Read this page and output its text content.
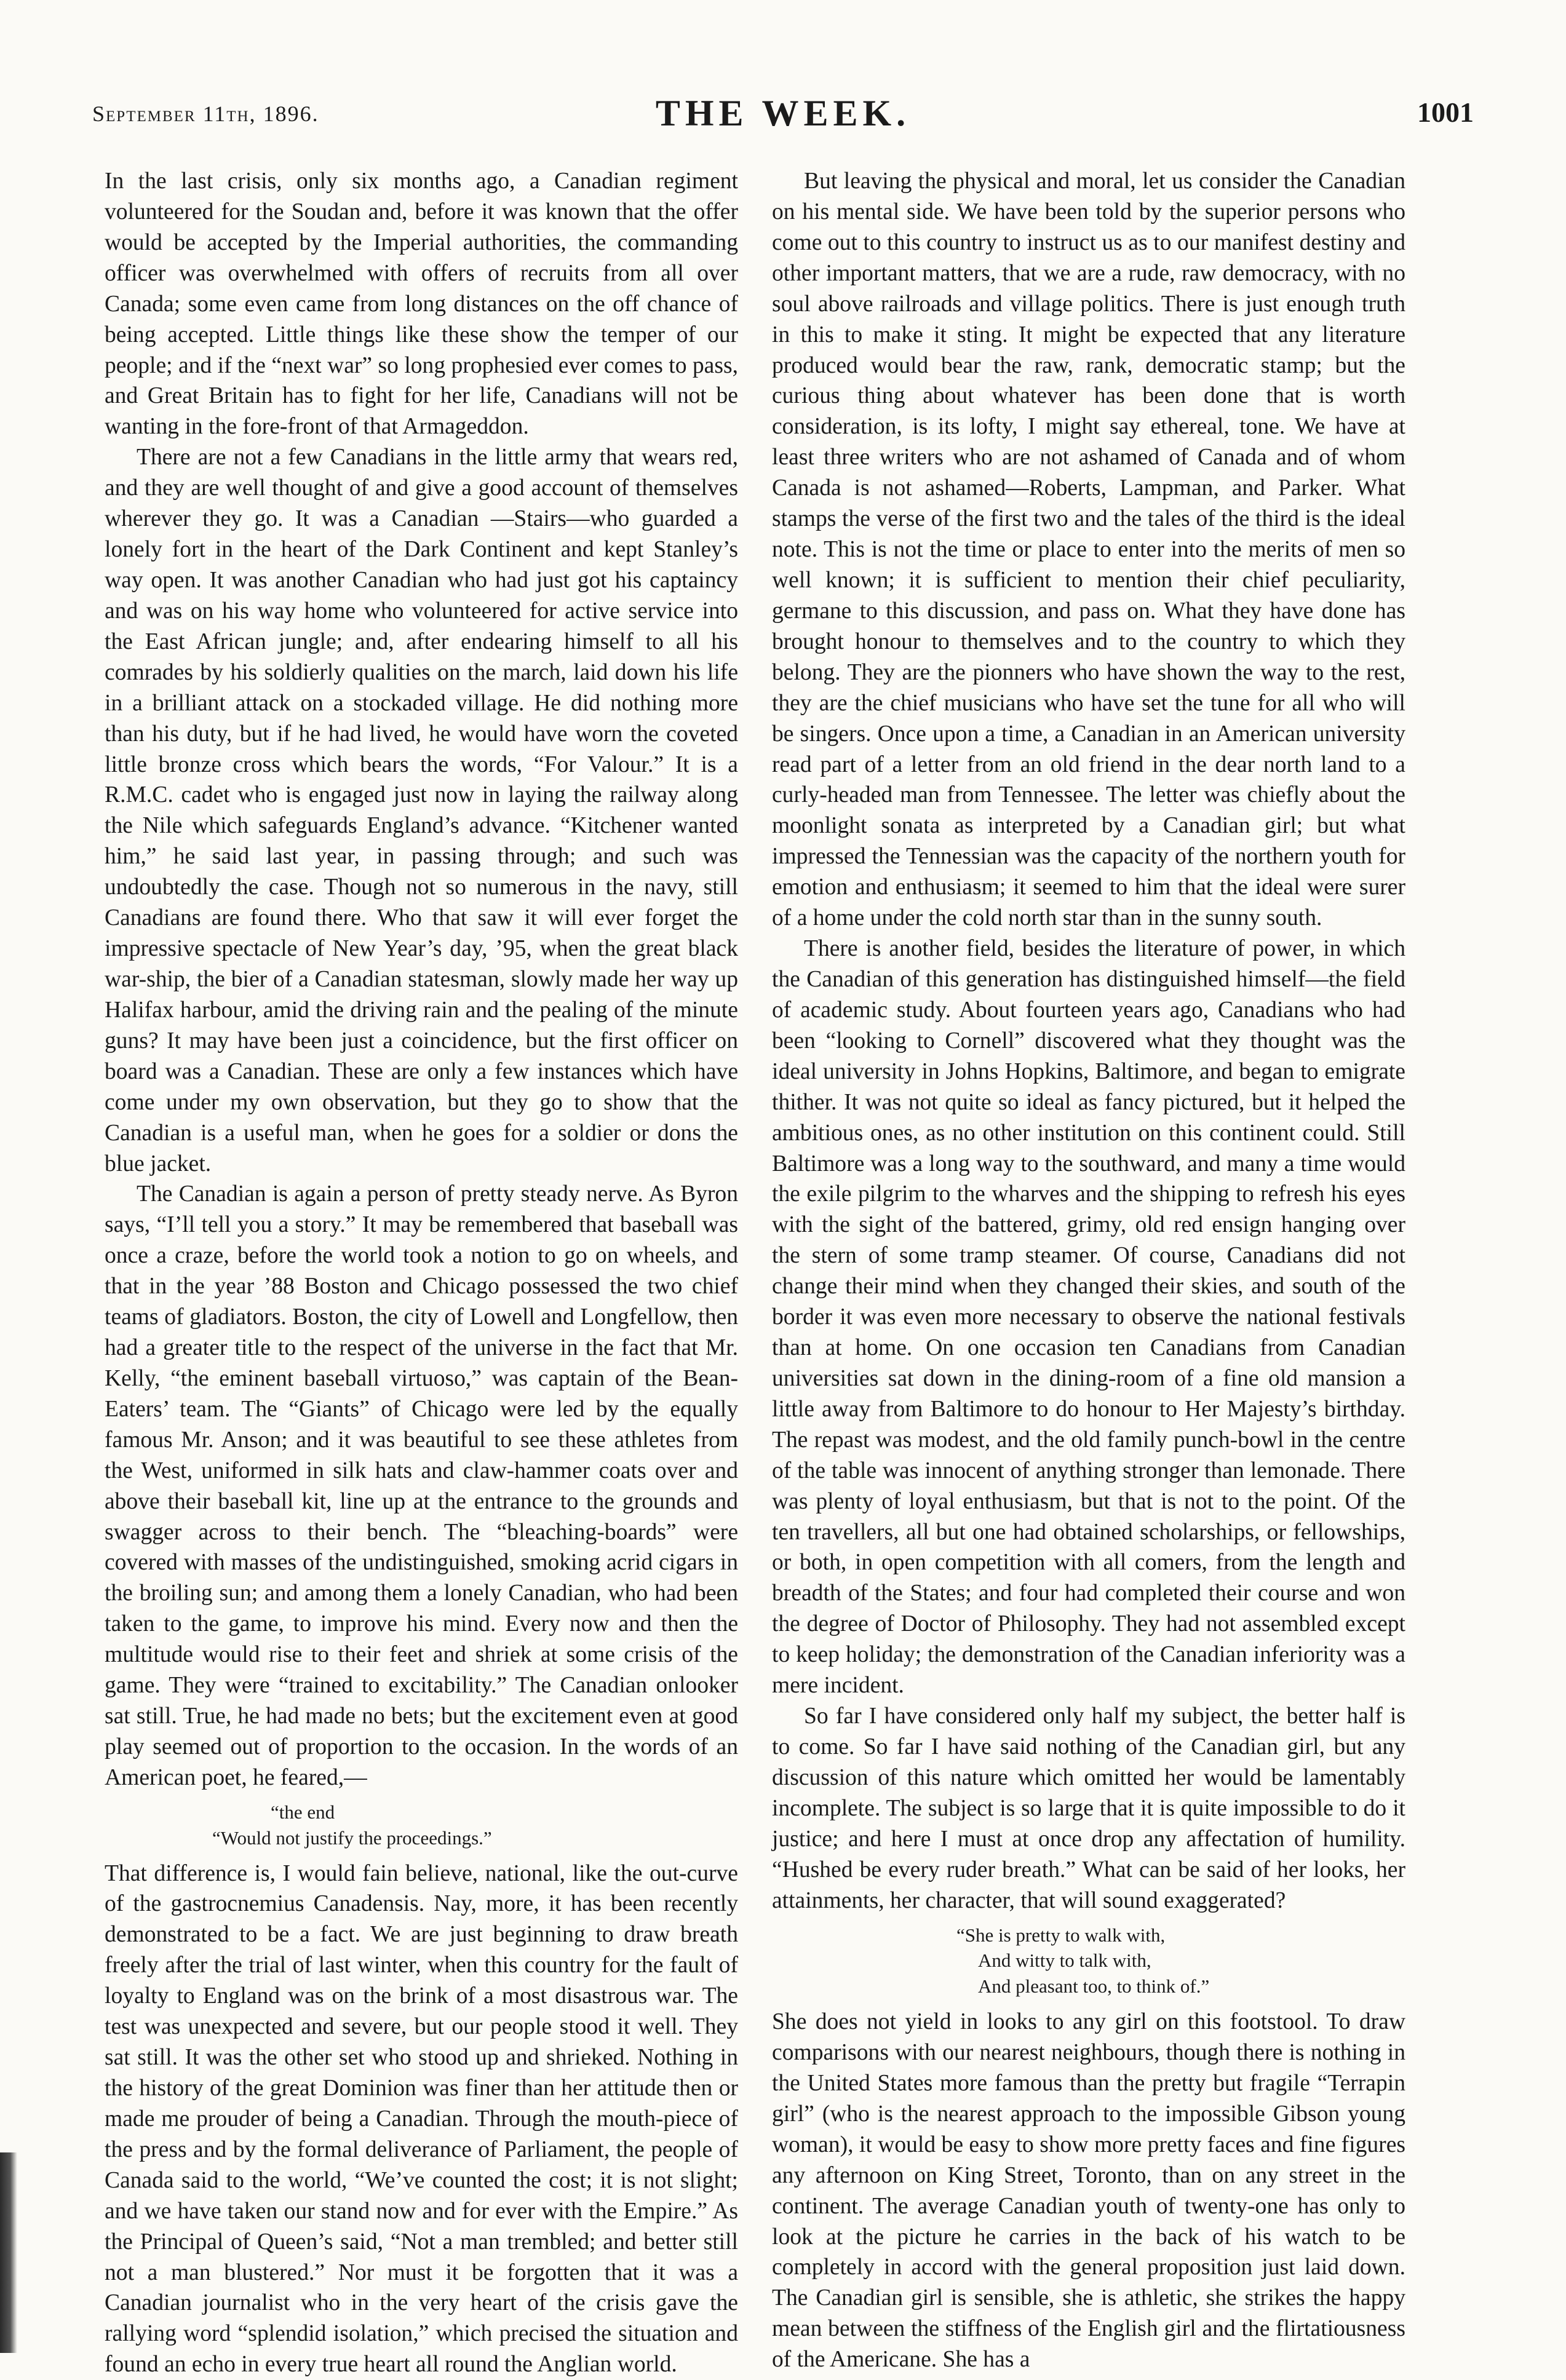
September 11th, 1896.	THE WEEK.	1001

In the last crisis, only six months ago, a Canadian regiment volunteered for the Soudan and, before it was known that the offer would be accepted by the Imperial authorities, the commanding officer was overwhelmed with offers of recruits from all over Canada; some even came from long distances on the off chance of being accepted. Little things like these show the temper of our people; and if the “next war” so long prophesied ever comes to pass, and Great Britain has to fight for her life, Canadians will not be wanting in the fore-front of that Armageddon.

There are not a few Canadians in the little army that wears red, and they are well thought of and give a good account of themselves wherever they go. It was a Canadian —Stairs—who guarded a lonely fort in the heart of the Dark Continent and kept Stanley’s way open. It was another Canadian who had just got his captaincy and was on his way home who volunteered for active service into the East African jungle; and, after endearing himself to all his comrades by his soldierly qualities on the march, laid down his life in a brilliant attack on a stockaded village. He did nothing more than his duty, but if he had lived, he would have worn the coveted little bronze cross which bears the words, “For Valour.” It is a R.M.C. cadet who is engaged just now in laying the railway along the Nile which safeguards England’s advance. “Kitchener wanted him,” he said last year, in passing through; and such was undoubtedly the case. Though not so numerous in the navy, still Canadians are found there. Who that saw it will ever forget the impressive spectacle of New Year’s day, ’95, when the great black war-ship, the bier of a Canadian statesman, slowly made her way up Halifax harbour, amid the driving rain and the pealing of the minute guns? It may have been just a coincidence, but the first officer on board was a Canadian. These are only a few instances which have come under my own observation, but they go to show that the Canadian is a useful man, when he goes for a soldier or dons the blue jacket.

The Canadian is again a person of pretty steady nerve. As Byron says, “I’ll tell you a story.” It may be remembered that baseball was once a craze, before the world took a notion to go on wheels, and that in the year ’88 Boston and Chicago possessed the two chief teams of gladiators. Boston, the city of Lowell and Longfellow, then had a greater title to the respect of the universe in the fact that Mr. Kelly, “the eminent baseball virtuoso,” was captain of the Bean-Eaters’ team. The “Giants” of Chicago were led by the equally famous Mr. Anson; and it was beautiful to see these athletes from the West, uniformed in silk hats and claw-hammer coats over and above their baseball kit, line up at the entrance to the grounds and swagger across to their bench. The “bleaching-boards” were covered with masses of the undistinguished, smoking acrid cigars in the broiling sun; and among them a lonely Canadian, who had been taken to the game, to improve his mind. Every now and then the multitude would rise to their feet and shriek at some crisis of the game. They were “trained to excitability.” The Canadian onlooker sat still. True, he had made no bets; but the excitement even at good play seemed out of proportion to the occasion. In the words of an American poet, he feared,—

“the end
“Would not justify the proceedings.”

That difference is, I would fain believe, national, like the out-curve of the gastrocnemius Canadensis. Nay, more, it has been recently demonstrated to be a fact. We are just beginning to draw breath freely after the trial of last winter, when this country for the fault of loyalty to England was on the brink of a most disastrous war. The test was unexpected and severe, but our people stood it well. They sat still. It was the other set who stood up and shrieked. Nothing in the history of the great Dominion was finer than her attitude then or made me prouder of being a Canadian. Through the mouth-piece of the press and by the formal deliverance of Parliament, the people of Canada said to the world, “We’ve counted the cost; it is not slight; and we have taken our stand now and for ever with the Empire.” As the Principal of Queen’s said, “Not a man trembled; and better still not a man blustered.” Nor must it be forgotten that it was a Canadian journalist who in the very heart of the crisis gave the rallying word “splendid isolation,” which precised the situation and found an echo in every true heart all round the Anglian world.

But leaving the physical and moral, let us consider the Canadian on his mental side. We have been told by the superior persons who come out to this country to instruct us as to our manifest destiny and other important matters, that we are a rude, raw democracy, with no soul above railroads and village politics. There is just enough truth in this to make it sting. It might be expected that any literature produced would bear the raw, rank, democratic stamp; but the curious thing about whatever has been done that is worth consideration, is its lofty, I might say ethereal, tone. We have at least three writers who are not ashamed of Canada and of whom Canada is not ashamed—Roberts, Lampman, and Parker. What stamps the verse of the first two and the tales of the third is the ideal note. This is not the time or place to enter into the merits of men so well known; it is sufficient to mention their chief peculiarity, germane to this discussion, and pass on. What they have done has brought honour to themselves and to the country to which they belong. They are the pionners who have shown the way to the rest, they are the chief musicians who have set the tune for all who will be singers. Once upon a time, a Canadian in an American university read part of a letter from an old friend in the dear north land to a curly-headed man from Tennessee. The letter was chiefly about the moonlight sonata as interpreted by a Canadian girl; but what impressed the Tennessian was the capacity of the northern youth for emotion and enthusiasm; it seemed to him that the ideal were surer of a home under the cold north star than in the sunny south.

There is another field, besides the literature of power, in which the Canadian of this generation has distinguished himself—the field of academic study. About fourteen years ago, Canadians who had been “looking to Cornell” discovered what they thought was the ideal university in Johns Hopkins, Baltimore, and began to emigrate thither. It was not quite so ideal as fancy pictured, but it helped the ambitious ones, as no other institution on this continent could. Still Baltimore was a long way to the southward, and many a time would the exile pilgrim to the wharves and the shipping to refresh his eyes with the sight of the battered, grimy, old red ensign hanging over the stern of some tramp steamer. Of course, Canadians did not change their mind when they changed their skies, and south of the border it was even more necessary to observe the national festivals than at home. On one occasion ten Canadians from Canadian universities sat down in the dining-room of a fine old mansion a little away from Baltimore to do honour to Her Majesty’s birthday. The repast was modest, and the old family punch-bowl in the centre of the table was innocent of anything stronger than lemonade. There was plenty of loyal enthusiasm, but that is not to the point. Of the ten travellers, all but one had obtained scholarships, or fellowships, or both, in open competition with all comers, from the length and breadth of the States; and four had completed their course and won the degree of Doctor of Philosophy. They had not assembled except to keep holiday; the demonstration of the Canadian inferiority was a mere incident.

So far I have considered only half my subject, the better half is to come. So far I have said nothing of the Canadian girl, but any discussion of this nature which omitted her would be lamentably incomplete. The subject is so large that it is quite impossible to do it justice; and here I must at once drop any affectation of humility. “Hushed be every ruder breath.” What can be said of her looks, her attainments, her character, that will sound exaggerated?

“She is pretty to walk with,
And witty to talk with,
And pleasant too, to think of.”

She does not yield in looks to any girl on this footstool. To draw comparisons with our nearest neighbours, though there is nothing in the United States more famous than the pretty but fragile “Terrapin girl” (who is the nearest approach to the impossible Gibson young woman), it would be easy to show more pretty faces and fine figures any afternoon on King Street, Toronto, than on any street in the continent. The average Canadian youth of twenty-one has only to look at the picture he carries in the back of his watch to be completely in accord with the general proposition just laid down. The Canadian girl is sensible, she is athletic, she strikes the happy mean between the stiffness of the English girl and the flirtatiousness of the Americane. She has a
